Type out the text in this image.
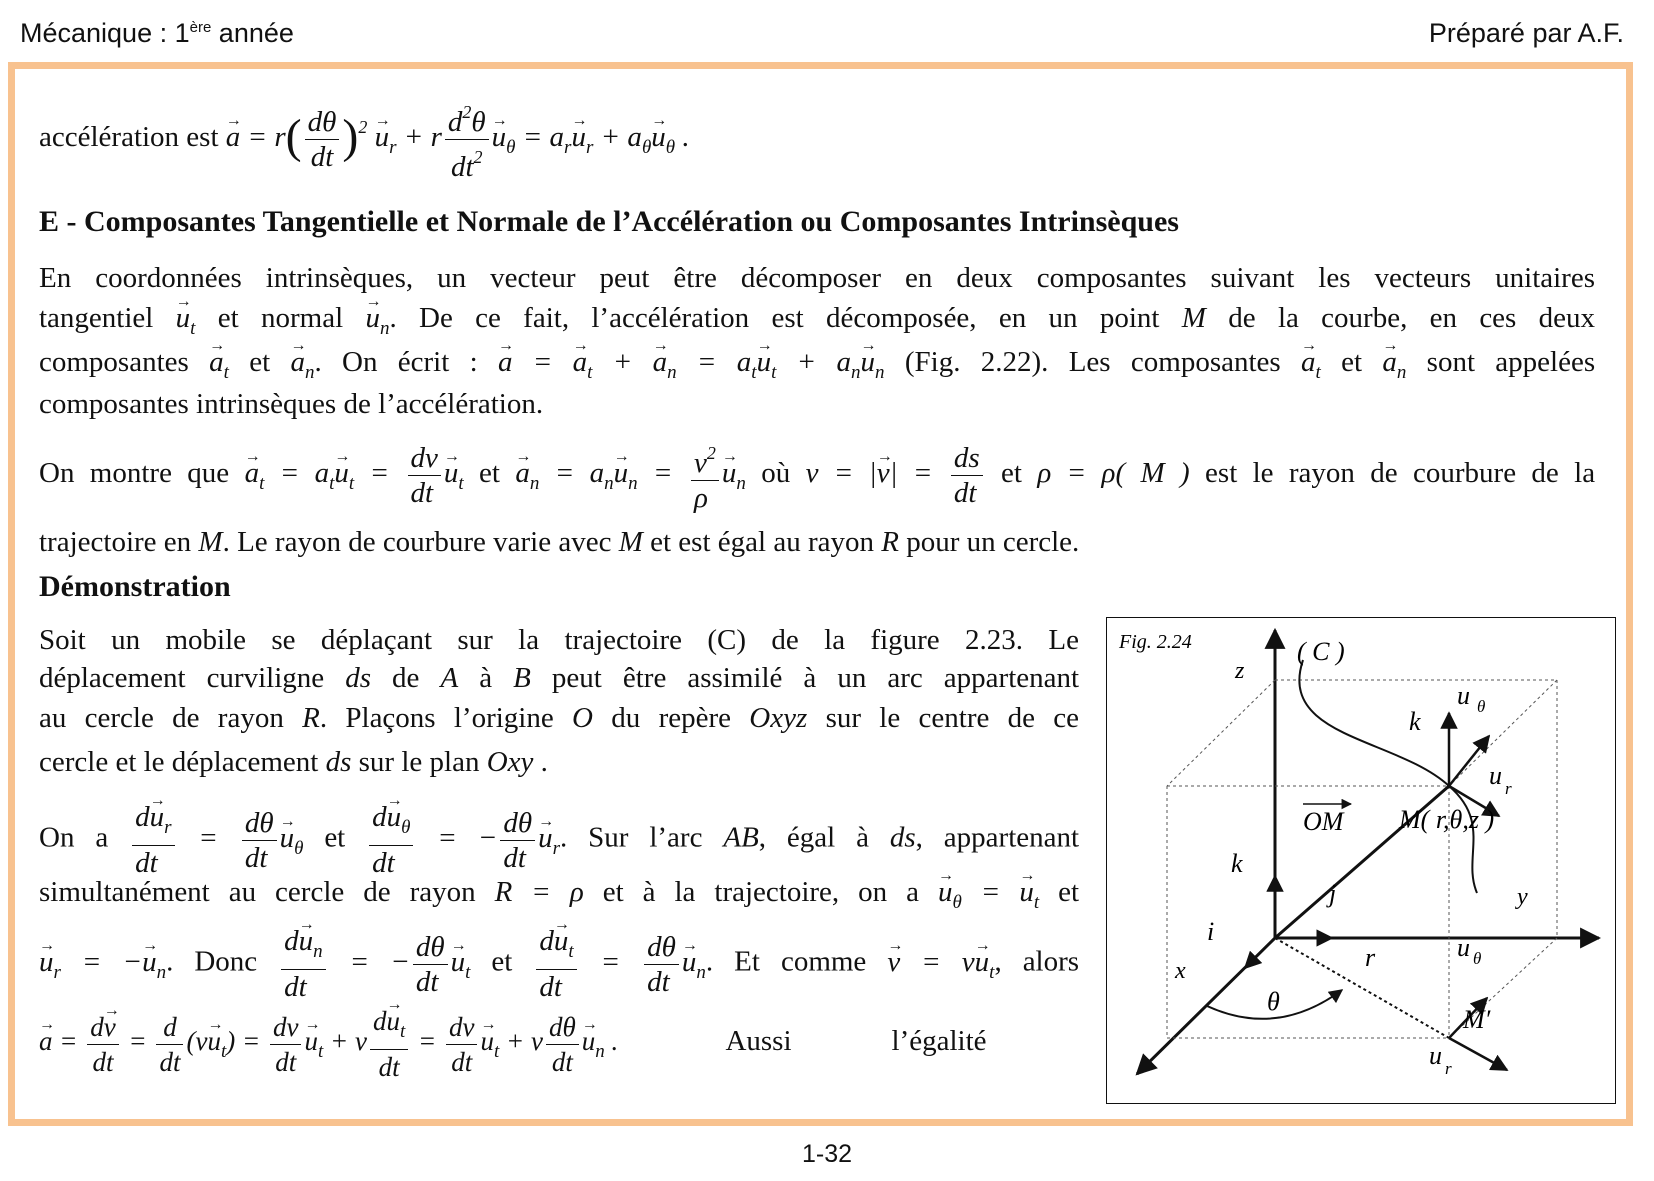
Mécanique : 1ère année	Préparé par A.F.
accélération est → $a = r( \frac{d\theta}{dt} )^2 \to u_r + r \frac{d^2\theta}{dt^2}$
→ $u_\theta = a_r\to u_r + a_\theta\to u_\theta$ .
E - Composantes Tangentielle et Normale de l’Accélération ou Composantes Intrinsèques
En coordonnées intrinsèques, un vecteur peut être décomposer en deux composantes suivant les vecteurs unitaires
tangentiel → $u_t$ et normal → $u_n$. De ce fait, l’accélération est décomposée, en un point M de la courbe, en ces deux
composantes → $a_t$ et → $a_n$. On écrit : → a = → $a_t$ + → $a_n = a_t\to u_t + a_n\to u_n$ (Fig. 2.22). Les composantes → $a_t$ et → $a_n$ sont appelées
composantes intrinsèques de l’accélération.
On montre que → $a_t = a_t\to u_t = \frac{dv}{dt}$
→ $u_t$ et → $a_n = a_n\to u_n = \frac{v^2}{\rho}$
→ $u_n$ où v = |→ $v| = \frac{ds}{dt}$ et ρ = ρ( M ) est le rayon de courbure de la
trajectoire en M. Le rayon de courbure varie avec M et est égal au rayon R pour un cercle.
Démonstration
Soit un mobile se déplaçant sur la trajectoire (C) de la figure 2.23. Le
déplacement curviligne ds de A à B peut être assimilé à un arc appartenant
au cercle de rayon R. Plaçons l’origine O du repère Oxyz sur le centre de ce
cercle et le déplacement ds sur le plan Oxy .
On a $\frac{d\to u_r}{dt} = \frac{d\theta}{dt}$
→ $u_\theta$ et $\frac{d\to u_\theta}{dt}$ = − $\frac{d\theta}{dt}$
→ $u_r$. Sur l’arc AB, égal à ds, appartenant
simultanément au cercle de rayon R = ρ et à la trajectoire, on $a \to u_\theta$ = → $u_t$ et
→ $u_r$ = −→ $u_n$. Donc $\frac{d\to u_n}{dt}$ = − $\frac{d\theta}{dt}$
→ $u_t$ et $\frac{d\to u_t}{dt} = \frac{d\theta}{dt}$
→ $u_n$. Et comme → $v = v\to u_t$, alors
→ $a = \frac{d\to v}{dt} = \frac{d}{dt} (v\to u_t) = \frac{dv}{dt}$
→ $u_t + v \frac{d\to u_t}{dt} = \frac{dv}{dt}$
→ $u_t + v \frac{d\theta}{dt}$
→ $u_n$ .	Aussi	l’égalité
Fig. 2.24	( C )
z
k
u θ
u r
OM M( r,θ,z )
k
j	y
i
x	r	u θ
θ
M′
u r
1-32
